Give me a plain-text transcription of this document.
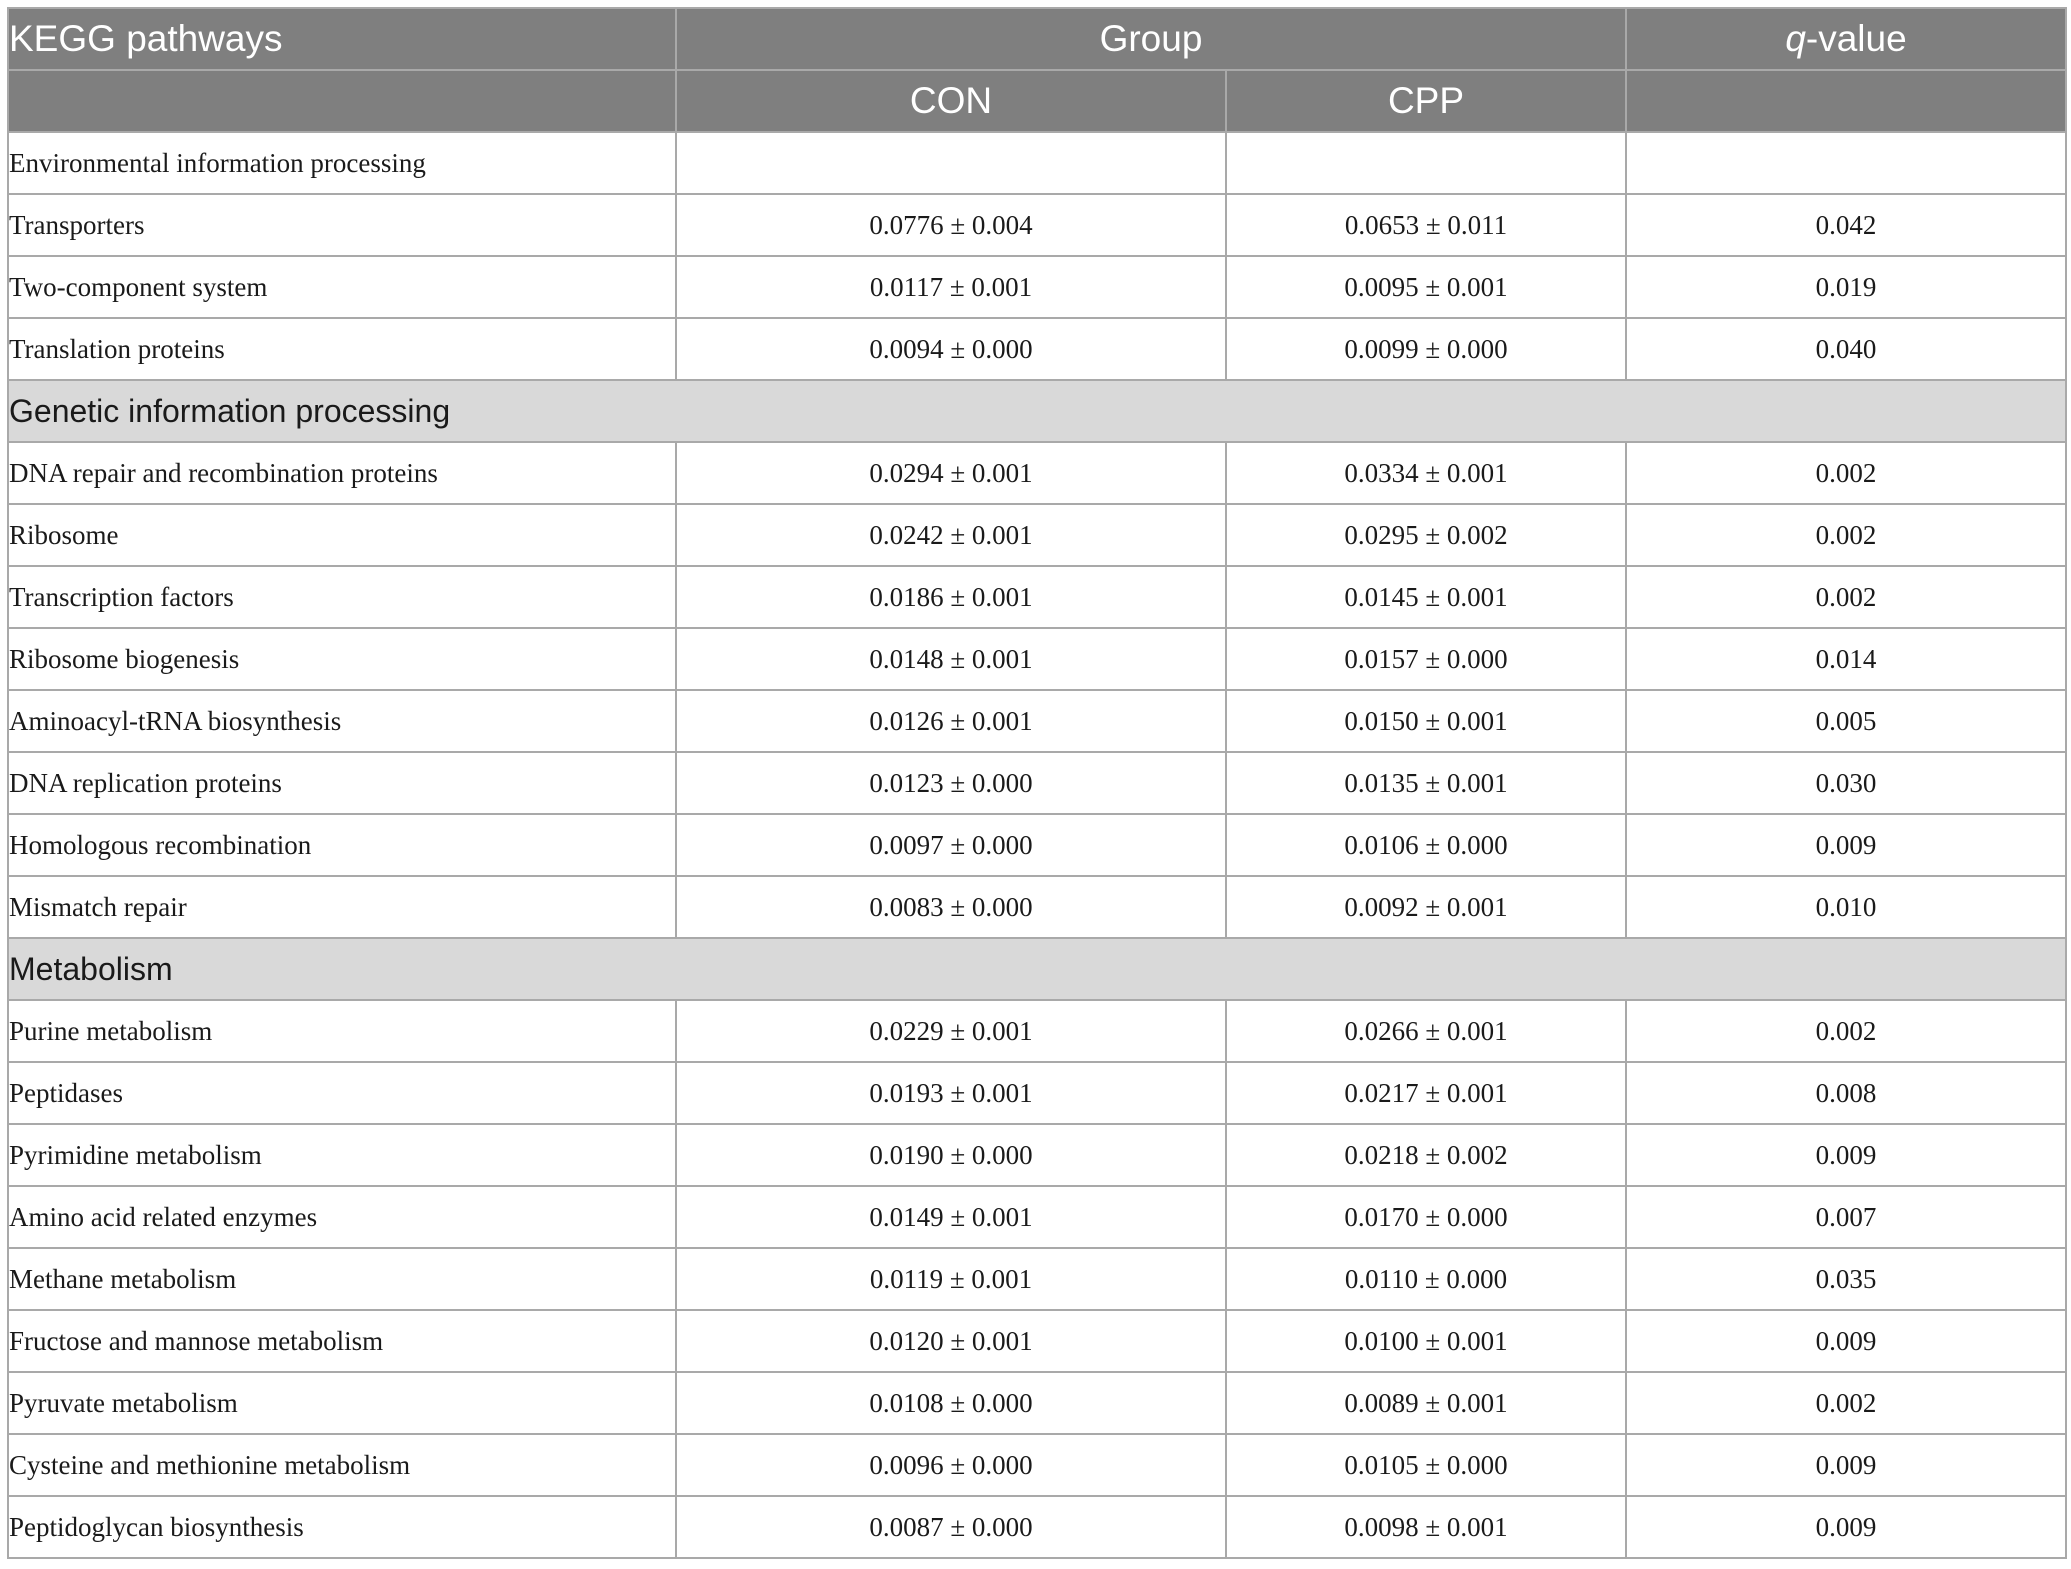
KEGG pathways	Group		q-value
	CON	CPP	
Environmental information processing			
Transporters	0.0776 ± 0.004	0.0653 ± 0.011	0.042
Two-component system	0.0117 ± 0.001	0.0095 ± 0.001	0.019
Translation proteins	0.0094 ± 0.000	0.0099 ± 0.000	0.040
Genetic information processing			
DNA repair and recombination proteins	0.0294 ± 0.001	0.0334 ± 0.001	0.002
Ribosome	0.0242 ± 0.001	0.0295 ± 0.002	0.002
Transcription factors	0.0186 ± 0.001	0.0145 ± 0.001	0.002
Ribosome biogenesis	0.0148 ± 0.001	0.0157 ± 0.000	0.014
Aminoacyl-tRNA biosynthesis	0.0126 ± 0.001	0.0150 ± 0.001	0.005
DNA replication proteins	0.0123 ± 0.000	0.0135 ± 0.001	0.030
Homologous recombination	0.0097 ± 0.000	0.0106 ± 0.000	0.009
Mismatch repair	0.0083 ± 0.000	0.0092 ± 0.001	0.010
Metabolism			
Purine metabolism	0.0229 ± 0.001	0.0266 ± 0.001	0.002
Peptidases	0.0193 ± 0.001	0.0217 ± 0.001	0.008
Pyrimidine metabolism	0.0190 ± 0.000	0.0218 ± 0.002	0.009
Amino acid related enzymes	0.0149 ± 0.001	0.0170 ± 0.000	0.007
Methane metabolism	0.0119 ± 0.001	0.0110 ± 0.000	0.035
Fructose and mannose metabolism	0.0120 ± 0.001	0.0100 ± 0.001	0.009
Pyruvate metabolism	0.0108 ± 0.000	0.0089 ± 0.001	0.002
Cysteine and methionine metabolism	0.0096 ± 0.000	0.0105 ± 0.000	0.009
Peptidoglycan biosynthesis	0.0087 ± 0.000	0.0098 ± 0.001	0.009
